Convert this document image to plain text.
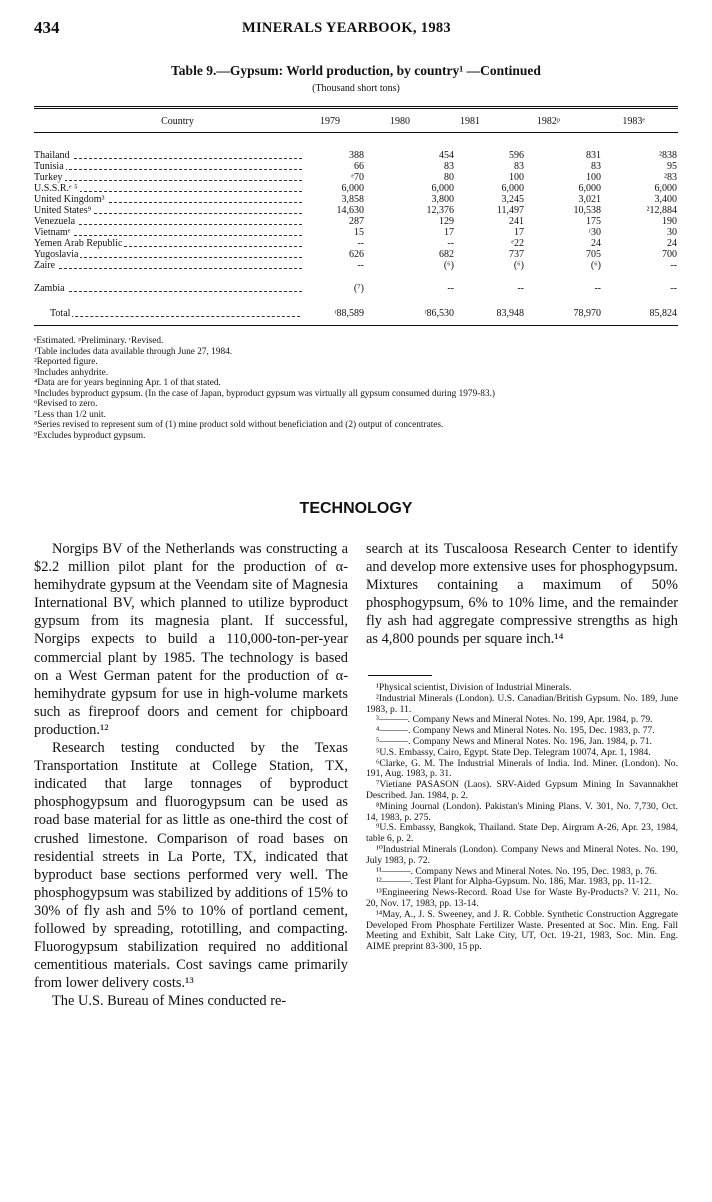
434	MINERALS YEARBOOK, 1983
Table 9.—Gypsum: World production, by country¹ —Continued
(Thousand short tons)
Country	1979	1980	1981	1982ᵖ	1983ᵉ
Thailand	388	454	596	831	²838
Tunisia	66	83	83	83	95
Turkey	ᵉ70	80	100	100	²83
U.S.S.R.ᵉ ⁵	6,000	6,000	6,000	6,000	6,000
United Kingdom³	3,858	3,800	3,245	3,021	3,400
United States⁹	14,630	12,376	11,497	10,538	²12,884
Venezuela	287	129	241	175	190
Vietnamᵉ	15	17	17	ʳ30	30
Yemen Arab Republic	--	--	ᵉ22	24	24
Yugoslavia	626	682	737	705	700
Zaire	--	(⁶)	(⁶)	(⁶)	--
Zambia	(⁷)	--	--	--	--
Total	ʳ88,589	ʳ86,530	83,948	78,970	85,824
ᵉEstimated. ᵖPreliminary. ʳRevised.
¹Table includes data available through June 27, 1984.
²Reported figure.
³Includes anhydrite.
⁴Data are for years beginning Apr. 1 of that stated.
⁵Includes byproduct gypsum. (In the case of Japan, byproduct gypsum was virtually all gypsum consumed during 1979-83.)
⁶Revised to zero.
⁷Less than 1/2 unit.
⁸Series revised to represent sum of (1) mine product sold without beneficiation and (2) output of concentrates.
⁹Excludes byproduct gypsum.
TECHNOLOGY

Norgips BV of the Netherlands was constructing a $2.2 million pilot plant for the production of α-hemihydrate gypsum at the Veendam site of Magnesia International BV, which planned to utilize byproduct gypsum from its magnesia plant. If successful, Norgips expects to build a 110,000-ton-per-year commercial plant by 1985. The technology is based on a West German patent for the production of α-hemihydrate gypsum for use in high-volume markets such as fireproof doors and cement for chipboard production.¹²

Research testing conducted by the Texas Transportation Institute at College Station, TX, indicated that large tonnages of byproduct phosphogypsum and fluorogypsum can be used as road base material for as little as one-third the cost of crushed limestone. Comparison of road bases on residential streets in La Porte, TX, indicated that byproduct base sections performed very well. The phosphogypsum was stabilized by additions of 15% to 30% of fly ash and 5% to 10% of portland cement, followed by spreading, rototilling, and compacting. Fluorogypsum stabilization required no additional cementitious materials. Cost savings came primarily from lower delivery costs.¹³

The U.S. Bureau of Mines conducted re-

search at its Tuscaloosa Research Center to identify and develop more extensive uses for phosphogypsum. Mixtures containing a maximum of 50% phosphogypsum, 6% to 10% lime, and the remainder fly ash had aggregate compressive strengths as high as 4,800 pounds per square inch.¹⁴

¹Physical scientist, Division of Industrial Minerals.
²Industrial Minerals (London). U.S. Canadian/British Gypsum. No. 189, June 1983, p. 11.
³———. Company News and Mineral Notes. No. 199, Apr. 1984, p. 79.
⁴———. Company News and Mineral Notes. No. 195, Dec. 1983, p. 77.
⁵———. Company News and Mineral Notes. No. 196, Jan. 1984, p. 71.
⁵U.S. Embassy, Cairo, Egypt. State Dep. Telegram 10074, Apr. 1, 1984.
⁶Clarke, G. M. The Industrial Minerals of India. Ind. Miner. (London). No. 191, Aug. 1983, p. 31.
⁷Vietiane PASASON (Laos). SRV-Aided Gypsum Mining In Savannakhet Described. Jan. 1984, p. 2.
⁸Mining Journal (London). Pakistan's Mining Plans. V. 301, No. 7,730, Oct. 14, 1983, p. 275.
⁹U.S. Embassy, Bangkok, Thailand. State Dep. Airgram A-26, Apr. 23, 1984, table 6, p. 2.
¹⁰Industrial Minerals (London). Company News and Mineral Notes. No. 190, July 1983, p. 72.
¹¹———. Company News and Mineral Notes. No. 195, Dec. 1983, p. 76.
¹²———. Test Plant for Alpha-Gypsum. No. 186, Mar. 1983, pp. 11-12.
¹³Engineering News-Record. Road Use for Waste By-Products? V. 211, No. 20, Nov. 17, 1983, pp. 13-14.
¹⁴May, A., J. S. Sweeney, and J. R. Cobble. Synthetic Construction Aggregate Developed From Phosphate Fertilizer Waste. Presented at Soc. Min. Eng. Fall Meeting and Exhibit, Salt Lake City, UT, Oct. 19-21, 1983, Soc. Min. Eng. AIME preprint 83-300, 15 pp.
